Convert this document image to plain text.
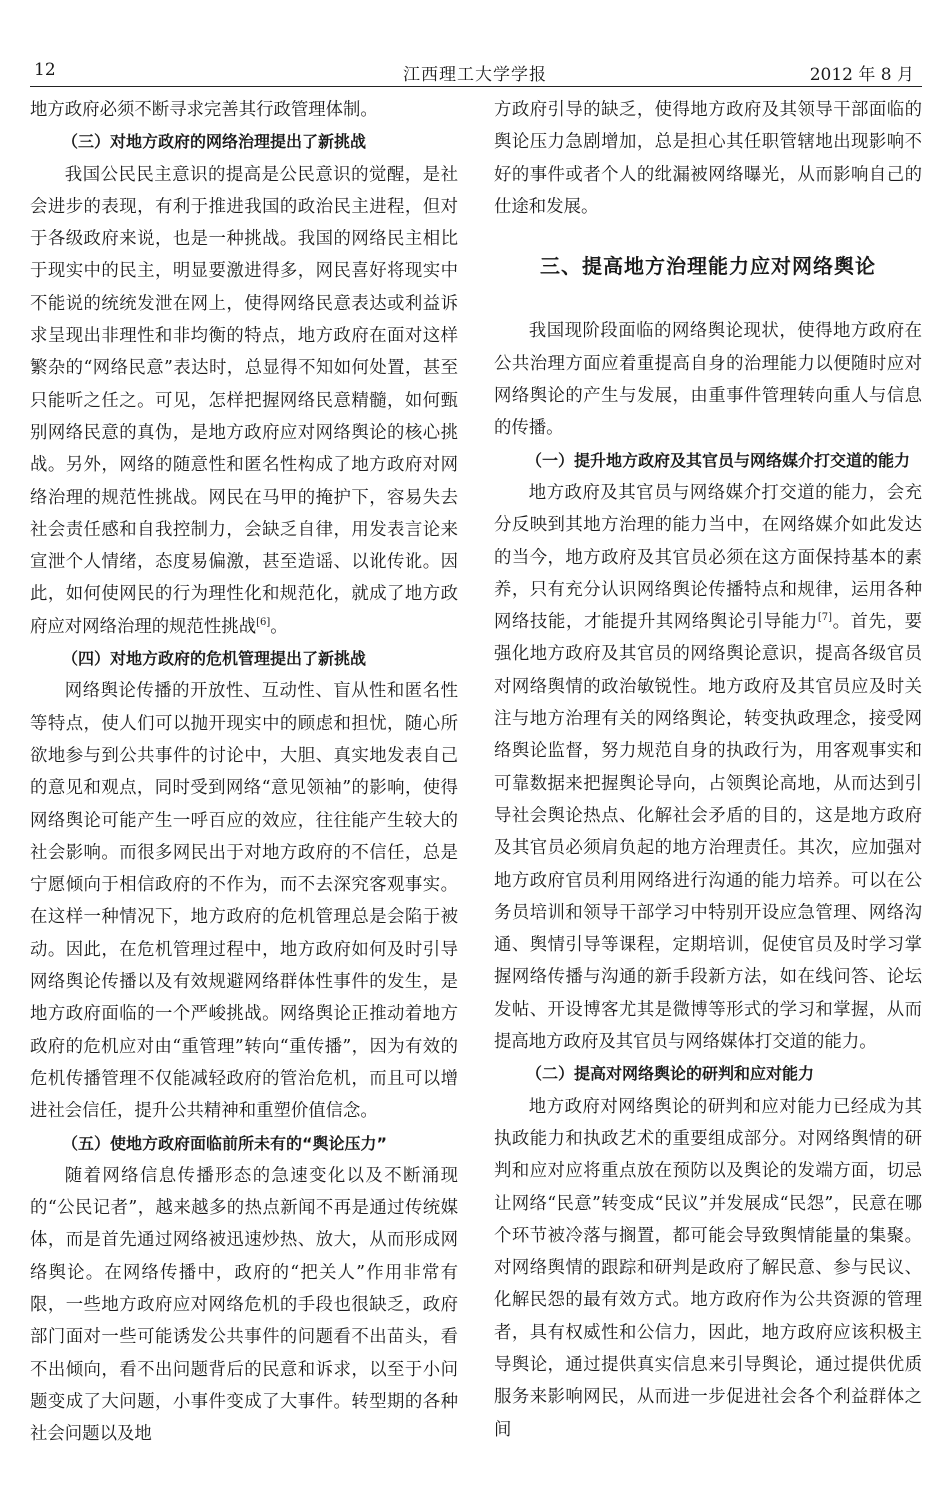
12	江西理工大学学报	2012 年 8 月

地方政府必须不断寻求完善其行政管理体制。

（三）对地方政府的网络治理提出了新挑战

我国公民民主意识的提高是公民意识的觉醒，是社会进步的表现，有利于推进我国的政治民主进程，但对于各级政府来说，也是一种挑战。我国的网络民主相比于现实中的民主，明显要激进得多，网民喜好将现实中不能说的统统发泄在网上，使得网络民意表达或利益诉求呈现出非理性和非均衡的特点，地方政府在面对这样繁杂的“网络民意”表达时，总显得不知如何处置，甚至只能听之任之。可见，怎样把握网络民意精髓，如何甄别网络民意的真伪，是地方政府应对网络舆论的核心挑战。另外，网络的随意性和匿名性构成了地方政府对网络治理的规范性挑战。网民在马甲的掩护下，容易失去社会责任感和自我控制力，会缺乏自律，用发表言论来宣泄个人情绪，态度易偏激，甚至造谣、以讹传讹。因此，如何使网民的行为理性化和规范化，就成了地方政府应对网络治理的规范性挑战[6]。

（四）对地方政府的危机管理提出了新挑战

网络舆论传播的开放性、互动性、盲从性和匿名性等特点，使人们可以抛开现实中的顾虑和担忧，随心所欲地参与到公共事件的讨论中，大胆、真实地发表自己的意见和观点，同时受到网络“意见领袖”的影响，使得网络舆论可能产生一呼百应的效应，往往能产生较大的社会影响。而很多网民出于对地方政府的不信任，总是宁愿倾向于相信政府的不作为，而不去深究客观事实。在这样一种情况下，地方政府的危机管理总是会陷于被动。因此，在危机管理过程中，地方政府如何及时引导网络舆论传播以及有效规避网络群体性事件的发生，是地方政府面临的一个严峻挑战。网络舆论正推动着地方政府的危机应对由“重管理”转向“重传播”，因为有效的危机传播管理不仅能减轻政府的管治危机，而且可以增进社会信任，提升公共精神和重塑价值信念。

（五）使地方政府面临前所未有的“舆论压力”

随着网络信息传播形态的急速变化以及不断涌现的“公民记者”，越来越多的热点新闻不再是通过传统媒体，而是首先通过网络被迅速炒热、放大，从而形成网络舆论。在网络传播中，政府的“把关人”作用非常有限，一些地方政府应对网络危机的手段也很缺乏，政府部门面对一些可能诱发公共事件的问题看不出苗头，看不出倾向，看不出问题背后的民意和诉求，以至于小问题变成了大问题，小事件变成了大事件。转型期的各种社会问题以及地

方政府引导的缺乏，使得地方政府及其领导干部面临的舆论压力急剧增加，总是担心其任职管辖地出现影响不好的事件或者个人的纰漏被网络曝光，从而影响自己的仕途和发展。

三、提高地方治理能力应对网络舆论

我国现阶段面临的网络舆论现状，使得地方政府在公共治理方面应着重提高自身的治理能力以便随时应对网络舆论的产生与发展，由重事件管理转向重人与信息的传播。

（一）提升地方政府及其官员与网络媒介打交道的能力

地方政府及其官员与网络媒介打交道的能力，会充分反映到其地方治理的能力当中，在网络媒介如此发达的当今，地方政府及其官员必须在这方面保持基本的素养，只有充分认识网络舆论传播特点和规律，运用各种网络技能，才能提升其网络舆论引导能力[7]。首先，要强化地方政府及其官员的网络舆论意识，提高各级官员对网络舆情的政治敏锐性。地方政府及其官员应及时关注与地方治理有关的网络舆论，转变执政理念，接受网络舆论监督，努力规范自身的执政行为，用客观事实和可靠数据来把握舆论导向，占领舆论高地，从而达到引导社会舆论热点、化解社会矛盾的目的，这是地方政府及其官员必须肩负起的地方治理责任。其次，应加强对地方政府官员利用网络进行沟通的能力培养。可以在公务员培训和领导干部学习中特别开设应急管理、网络沟通、舆情引导等课程，定期培训，促使官员及时学习掌握网络传播与沟通的新手段新方法，如在线问答、论坛发帖、开设博客尤其是微博等形式的学习和掌握，从而提高地方政府及其官员与网络媒体打交道的能力。

（二）提高对网络舆论的研判和应对能力

地方政府对网络舆论的研判和应对能力已经成为其执政能力和执政艺术的重要组成部分。对网络舆情的研判和应对应将重点放在预防以及舆论的发端方面，切忌让网络“民意”转变成“民议”并发展成“民怨”，民意在哪个环节被冷落与搁置，都可能会导致舆情能量的集聚。对网络舆情的跟踪和研判是政府了解民意、参与民议、化解民怨的最有效方式。地方政府作为公共资源的管理者，具有权威性和公信力，因此，地方政府应该积极主导舆论，通过提供真实信息来引导舆论，通过提供优质服务来影响网民，从而进一步促进社会各个利益群体之间
